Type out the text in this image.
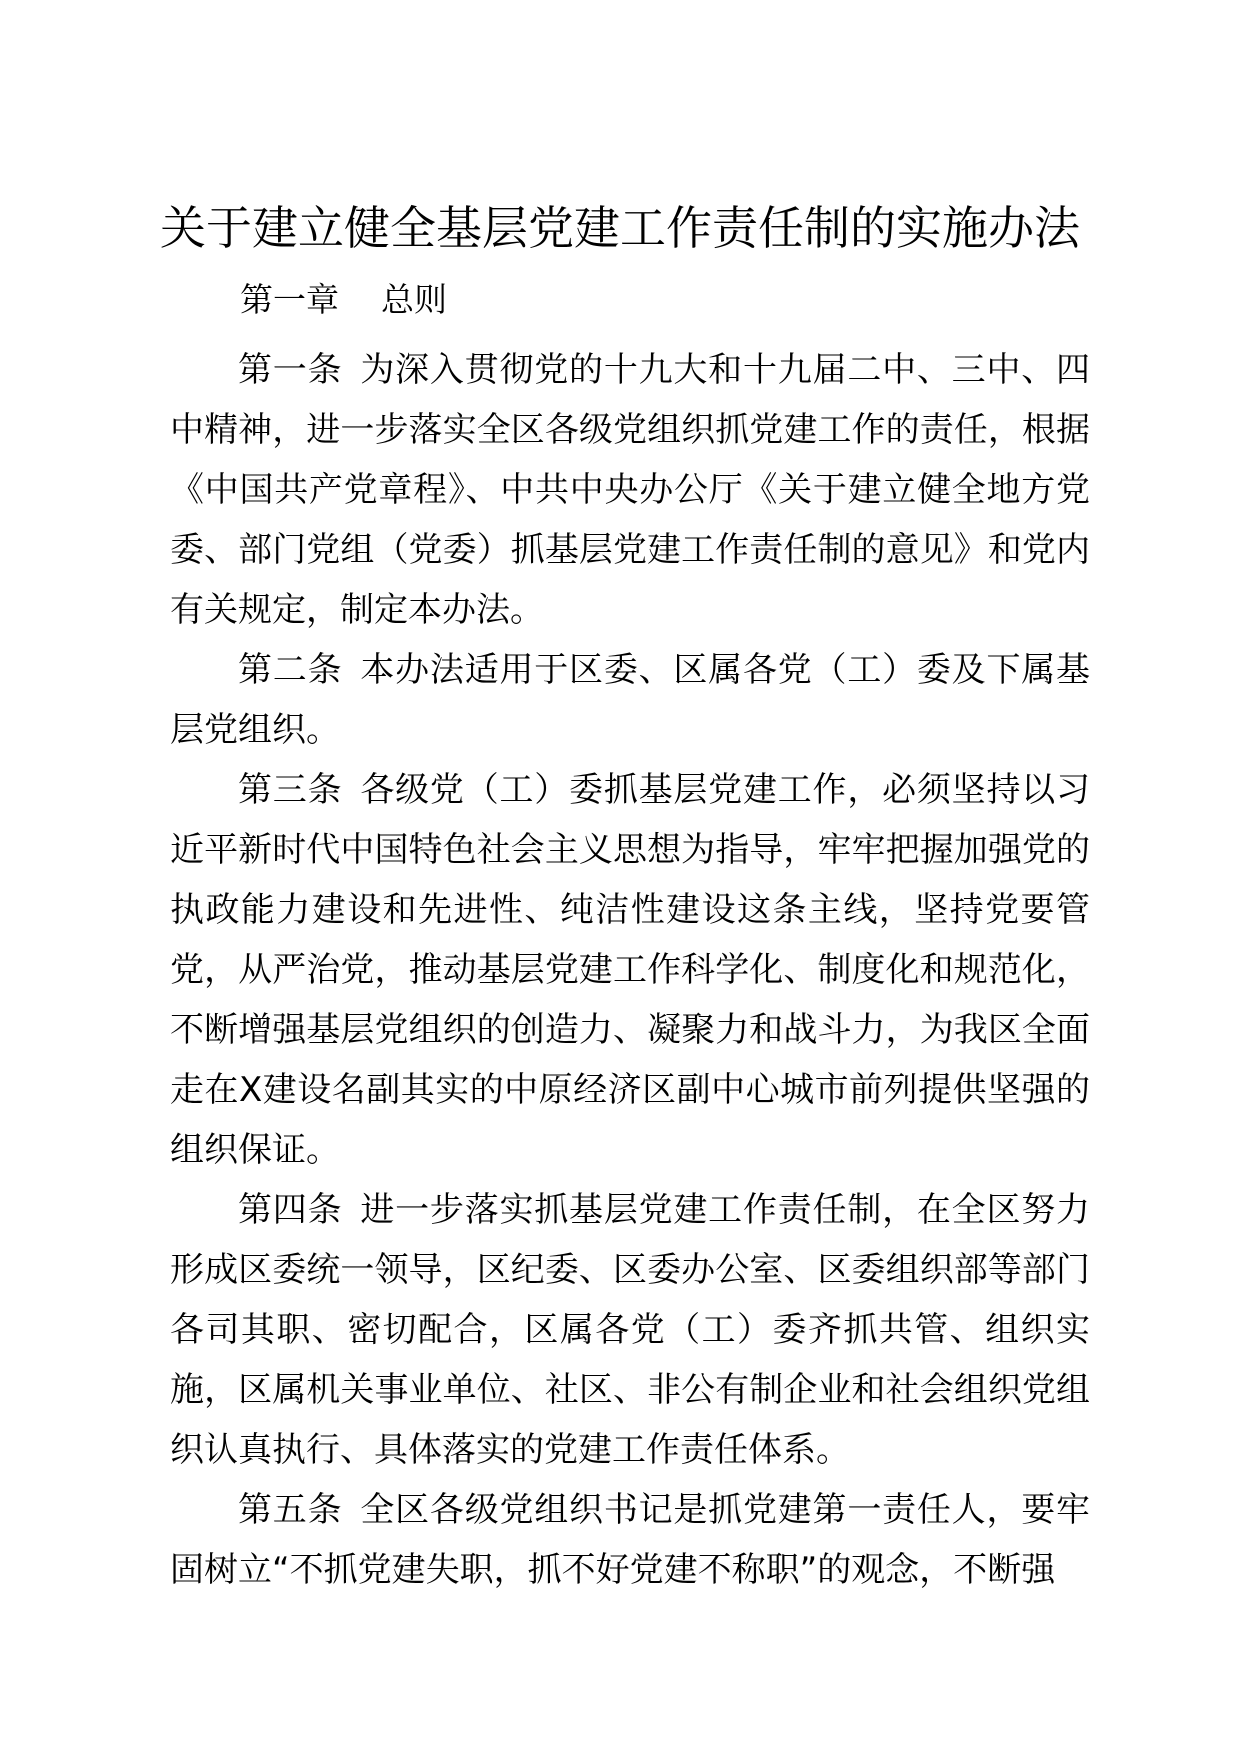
关于建立健全基层党建工作责任制的实施办法
第一章    总则

第一条 为深入贯彻党的十九大和十九届二中、三中、四中精神，进一步落实全区各级党组织抓党建工作的责任，根据《中国共产党章程》、中共中央办公厅《关于建立健全地方党委、部门党组（党委）抓基层党建工作责任制的意见》和党内有关规定，制定本办法。

第二条 本办法适用于区委、区属各党（工）委及下属基层党组织。

第三条 各级党（工）委抓基层党建工作，必须坚持以习近平新时代中国特色社会主义思想为指导，牢牢把握加强党的执政能力建设和先进性、纯洁性建设这条主线，坚持党要管党，从严治党，推动基层党建工作科学化、制度化和规范化，不断增强基层党组织的创造力、凝聚力和战斗力，为我区全面走在X建设名副其实的中原经济区副中心城市前列提供坚强的组织保证。

第四条 进一步落实抓基层党建工作责任制，在全区努力形成区委统一领导，区纪委、区委办公室、区委组织部等部门各司其职、密切配合，区属各党（工）委齐抓共管、组织实施，区属机关事业单位、社区、非公有制企业和社会组织党组织认真执行、具体落实的党建工作责任体系。

第五条 全区各级党组织书记是抓党建第一责任人，要牢固树立“不抓党建失职，抓不好党建不称职”的观念，不断强
